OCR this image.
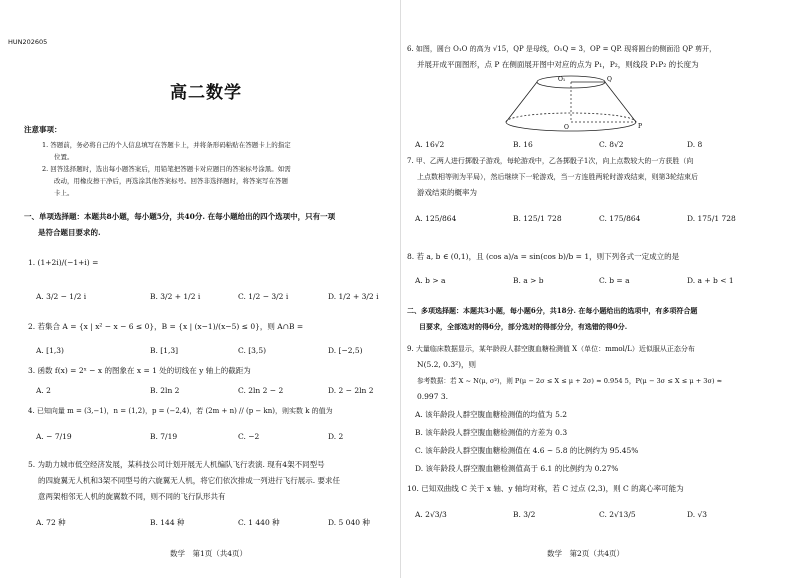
HUN202605
高二数学
注意事项：
1. 答题前，务必将自己的个人信息填写在答题卡上，并将条形码粘贴在答题卡上的指定
位置。
2. 回答选择题时，选出每小题答案后，用铅笔把答题卡对应题目的答案标号涂黑。如需
改动，用橡皮擦干净后，再选涂其他答案标号。回答非选择题时，将答案写在答题
卡上。
一、单项选择题：本题共8小题，每小题5分，共40分. 在每小题给出的四个选项中，只有一项
是符合题目要求的.
1. (1+2i)/(−1+i) =
A. 3/2 − 1/2 i	B. 3/2 + 1/2 i	C. 1/2 − 3/2 i	D. 1/2 + 3/2 i
2. 若集合 A = {x | x² − x − 6 ≤ 0}，B = {x | (x−1)/(x−5) ≤ 0}，则 A∩B =
A. [1,3)	B. [1,3]	C. [3,5)	D. [−2,5)
3. 函数 f(x) = 2ˣ − x 的图象在 x = 1 处的切线在 y 轴上的截距为
A. 2	B. 2ln 2	C. 2ln 2 − 2	D. 2 − 2ln 2
4. 已知向量 m = (3,−1)，n = (1,2)，p = (−2,4)，若 (2m + n) // (p − kn)，则实数 k 的值为
A. − 7/19	B. 7/19	C. −2	D. 2
5. 为助力城市低空经济发展，某科技公司计划开展无人机编队飞行表演. 现有4架不同型号
的四旋翼无人机和3架不同型号的六旋翼无人机，将它们依次排成一列进行飞行展示. 要求任
意两架相邻无人机的旋翼数不同，则不同的飞行队形共有
A. 72 种	B. 144 种	C. 1 440 种	D. 5 040 种
数学　第1页（共4页）
6. 如图，圆台 O₁O 的高为 √15，QP 是母线，O₁Q = 3，OP = QP. 现将圆台的侧面沿 QP 剪开，
并展开成平面图形，点 P 在侧面展开图中对应的点为 P₁，P₂，则线段 P₁P₂ 的长度为
O₁	Q
O	P
A. 16√2	B. 16	C. 8√2	D. 8
7. 甲、乙两人进行掷骰子游戏，每轮游戏中，乙各掷骰子1次，向上点数较大的一方获胜（向
上点数相等则为平局），然后继续下一轮游戏，当一方连胜两轮时游戏结束，则第3轮结束后
游戏结束的概率为
A. 125/864	B. 125/1 728	C. 175/864	D. 175/1 728
8. 若 a, b ∈ (0,1)，且 (cos a)/a = sin(cos b)/b = 1，则下列各式一定成立的是
A. b > a	B. a > b	C. b = a	D. a + b < 1
二、多项选择题：本题共3小题，每小题6分，共18分. 在每小题给出的选项中，有多项符合题
目要求，全部选对的得6分，部分选对的得部分分，有选错的得0分.
9. 大量临床数据显示，某年龄段人群空腹血糖检测值 X（单位：mmol/L）近似服从正态分布
N(5.2, 0.3²)，则
参考数据：若 X ~ N(μ, σ²)，则 P(μ − 2σ ≤ X ≤ μ + 2σ) ≈ 0.954 5，P(μ − 3σ ≤ X ≤ μ + 3σ) ≈
0.997 3.
A. 该年龄段人群空腹血糖检测值的均值为 5.2
B. 该年龄段人群空腹血糖检测值的方差为 0.3
C. 该年龄段人群空腹血糖检测值在 4.6 ~ 5.8 的比例约为 95.45%
D. 该年龄段人群空腹血糖检测值高于 6.1 的比例约为 0.27%
10. 已知双曲线 C 关于 x 轴、y 轴均对称，若 C 过点 (2,3)，则 C 的离心率可能为
A. 2√3/3	B. 3/2	C. 2√13/5	D. √3
数学　第2页（共4页）
